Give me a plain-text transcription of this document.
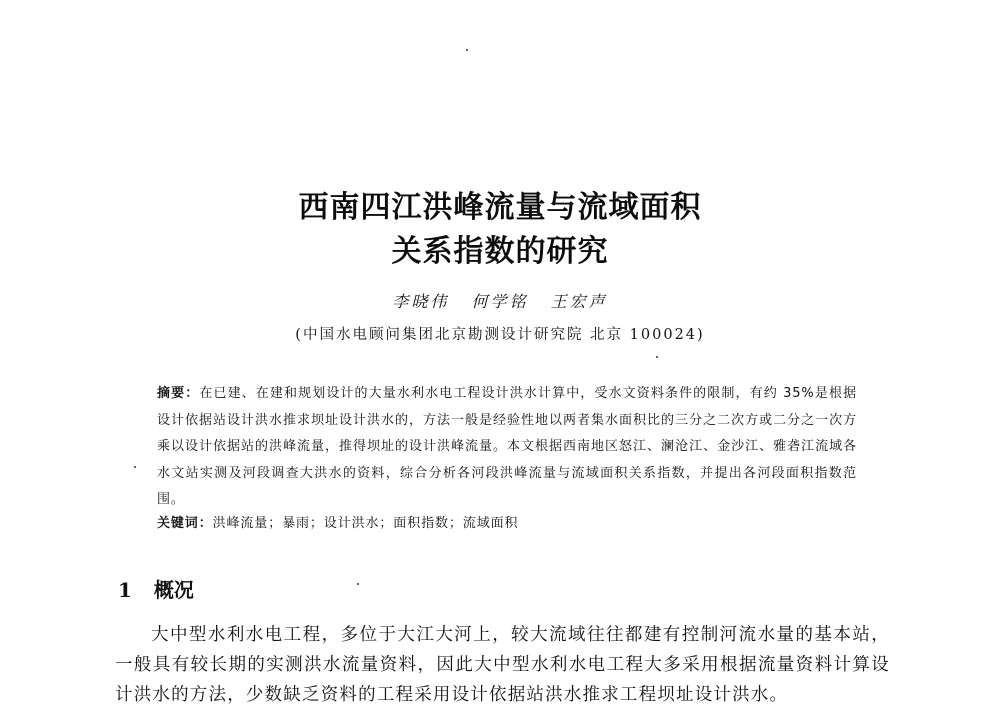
西南四江洪峰流量与流域面积
关系指数的研究
李晓伟 何学铭 王宏声
(中国水电顾问集团北京勘测设计研究院 北京 100024)

摘要：在已建、在建和规划设计的大量水利水电工程设计洪水计算中，受水文资料条件的限制，有约 35%是根据设计依据站设计洪水推求坝址设计洪水的，方法一般是经验性地以两者集水面积比的三分之二次方或二分之一次方乘以设计依据站的洪峰流量，推得坝址的设计洪峰流量。本文根据西南地区怒江、澜沧江、金沙江、雅砻江流域各水文站实测及河段调查大洪水的资料，综合分析各河段洪峰流量与流域面积关系指数，并提出各河段面积指数范围。

关键词：洪峰流量；暴雨；设计洪水；面积指数；流域面积

1 概况

大中型水利水电工程，多位于大江大河上，较大流域往往都建有控制河流水量的基本站，一般具有较长期的实测洪水流量资料，因此大中型水利水电工程大多采用根据流量资料计算设计洪水的方法，少数缺乏资料的工程采用设计依据站洪水推求工程坝址设计洪水。
